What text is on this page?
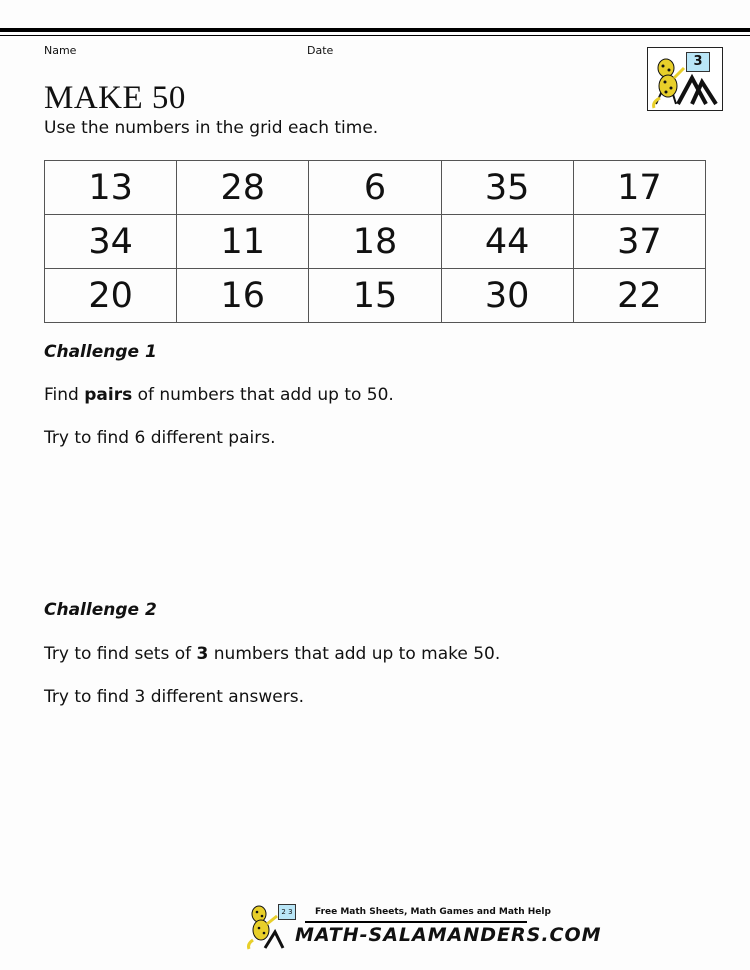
Name	Date
3
MAKE 50
Use the numbers in the grid each time.
13	28	6	35	17
34	11	18	44	37
20	16	15	30	22
Challenge 1
Find pairs of numbers that add up to 50.
Try to find 6 different pairs.
Challenge 2
Try to find sets of 3 numbers that add up to make 50.
Try to find 3 different answers.
2 3	Free Math Sheets, Math Games and Math Help
MATH-SALAMANDERS.COM
